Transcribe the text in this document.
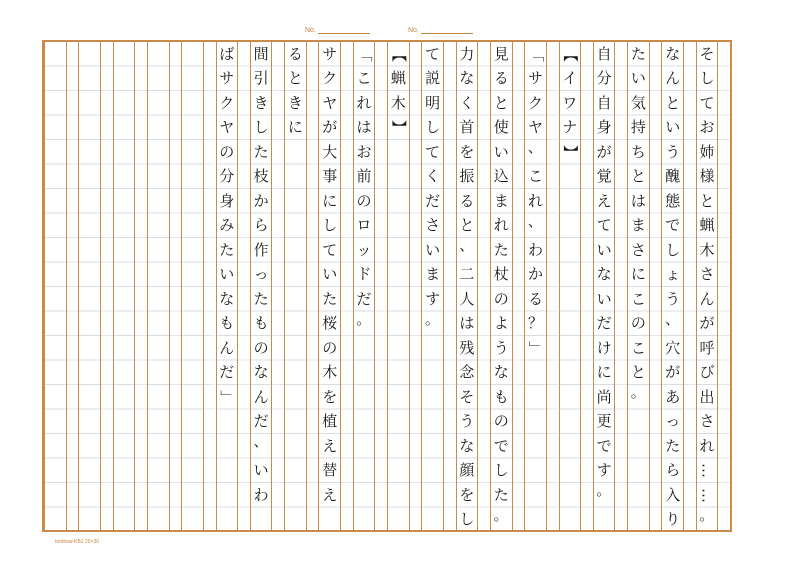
No.	No.
そ
し
て
お
姉
様
と
蝋
木
さ
ん
が
呼
び
出
さ
れ
…
…
。
な
ん
と
い
う
醜
態
で
し
ょ
う
、
穴
が
あ
っ
た
ら
入
り
た
い
気
持
ち
と
は
ま
さ
に
こ
の
こ
と
。
自
分
自
身
が
覚
え
て
い
な
い
だ
け
に
尚
更
で
す
。
【
イ
ワ
ナ
】
「
サ
ク
ヤ
、
こ
れ
、
わ
か
る
？
」
見
る
と
使
い
込
ま
れ
た
杖
の
よ
う
な
も
の
で
し
た
。
力
な
く
首
を
振
る
と
、
二
人
は
残
念
そ
う
な
顔
を
し
て
説
明
し
て
く
だ
さ
い
ま
す
。
【
蝋
木
】
「
こ
れ
は
お
前
の
ロ
ッ
ド
だ
。
サ
ク
ヤ
が
大
事
に
し
て
い
た
桜
の
木
を
植
え
替
え
る
と
き
に
間
引
き
し
た
枝
か
ら
作
っ
た
も
の
な
ん
だ
、
い
わ
ば
サ
ク
ヤ
の
分
身
み
た
い
な
も
ん
だ
」
tombow-KB1 20×20
